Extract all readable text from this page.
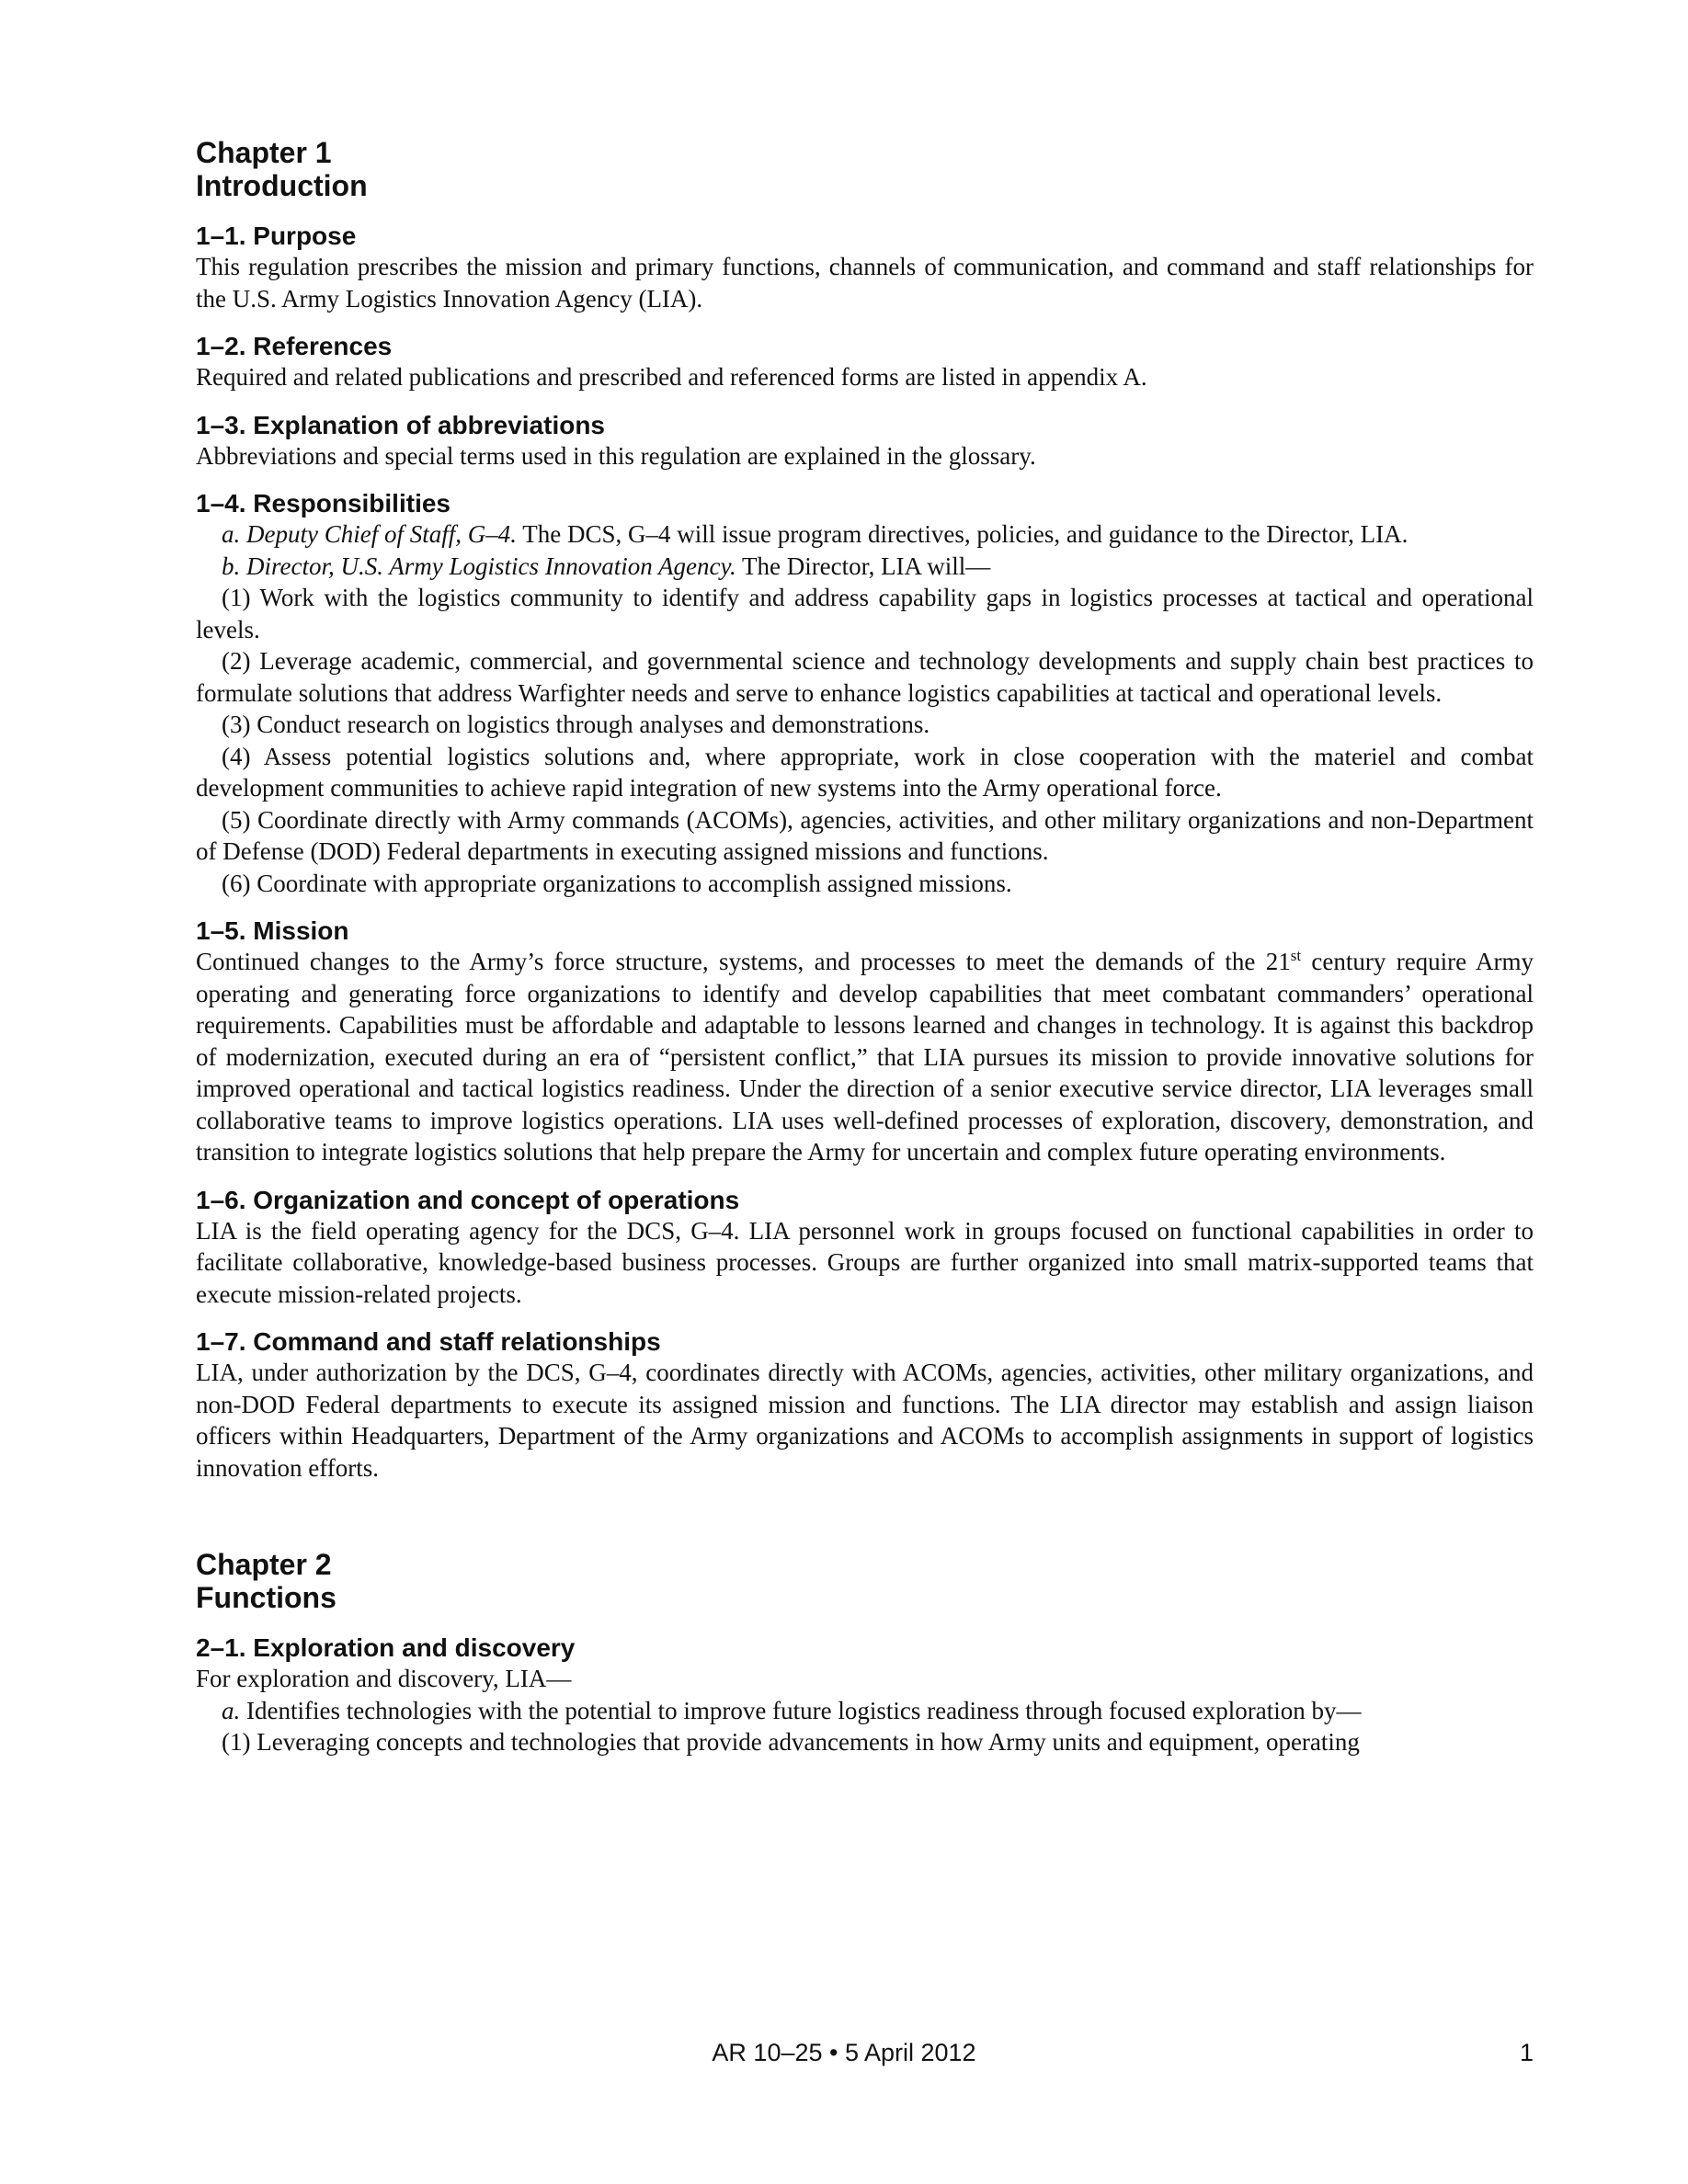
Chapter 1
Introduction

1–1. Purpose

This regulation prescribes the mission and primary functions, channels of communication, and command and staff relationships for the U.S. Army Logistics Innovation Agency (LIA).

1–2. References

Required and related publications and prescribed and referenced forms are listed in appendix A.

1–3. Explanation of abbreviations

Abbreviations and special terms used in this regulation are explained in the glossary.

1–4. Responsibilities

a. Deputy Chief of Staff, G–4. The DCS, G–4 will issue program directives, policies, and guidance to the Director, LIA.

b. Director, U.S. Army Logistics Innovation Agency. The Director, LIA will—

(1) Work with the logistics community to identify and address capability gaps in logistics processes at tactical and operational levels.

(2) Leverage academic, commercial, and governmental science and technology developments and supply chain best practices to formulate solutions that address Warfighter needs and serve to enhance logistics capabilities at tactical and operational levels.

(3) Conduct research on logistics through analyses and demonstrations.

(4) Assess potential logistics solutions and, where appropriate, work in close cooperation with the materiel and combat development communities to achieve rapid integration of new systems into the Army operational force.

(5) Coordinate directly with Army commands (ACOMs), agencies, activities, and other military organizations and non-Department of Defense (DOD) Federal departments in executing assigned missions and functions.

(6) Coordinate with appropriate organizations to accomplish assigned missions.

1–5. Mission

Continued changes to the Army’s force structure, systems, and processes to meet the demands of the 21st century require Army operating and generating force organizations to identify and develop capabilities that meet combatant commanders’ operational requirements. Capabilities must be affordable and adaptable to lessons learned and changes in technology. It is against this backdrop of modernization, executed during an era of “persistent conflict,” that LIA pursues its mission to provide innovative solutions for improved operational and tactical logistics readiness. Under the direction of a senior executive service director, LIA leverages small collaborative teams to improve logistics operations. LIA uses well-defined processes of exploration, discovery, demonstration, and transition to integrate logistics solutions that help prepare the Army for uncertain and complex future operating environments.

1–6. Organization and concept of operations

LIA is the field operating agency for the DCS, G–4. LIA personnel work in groups focused on functional capabilities in order to facilitate collaborative, knowledge-based business processes. Groups are further organized into small matrix-supported teams that execute mission-related projects.

1–7. Command and staff relationships

LIA, under authorization by the DCS, G–4, coordinates directly with ACOMs, agencies, activities, other military organizations, and non-DOD Federal departments to execute its assigned mission and functions. The LIA director may establish and assign liaison officers within Headquarters, Department of the Army organizations and ACOMs to accomplish assignments in support of logistics innovation efforts.

Chapter 2
Functions

2–1. Exploration and discovery

For exploration and discovery, LIA—

a. Identifies technologies with the potential to improve future logistics readiness through focused exploration by—

(1) Leveraging concepts and technologies that provide advancements in how Army units and equipment, operating

AR 10–25 • 5 April 2012	1
